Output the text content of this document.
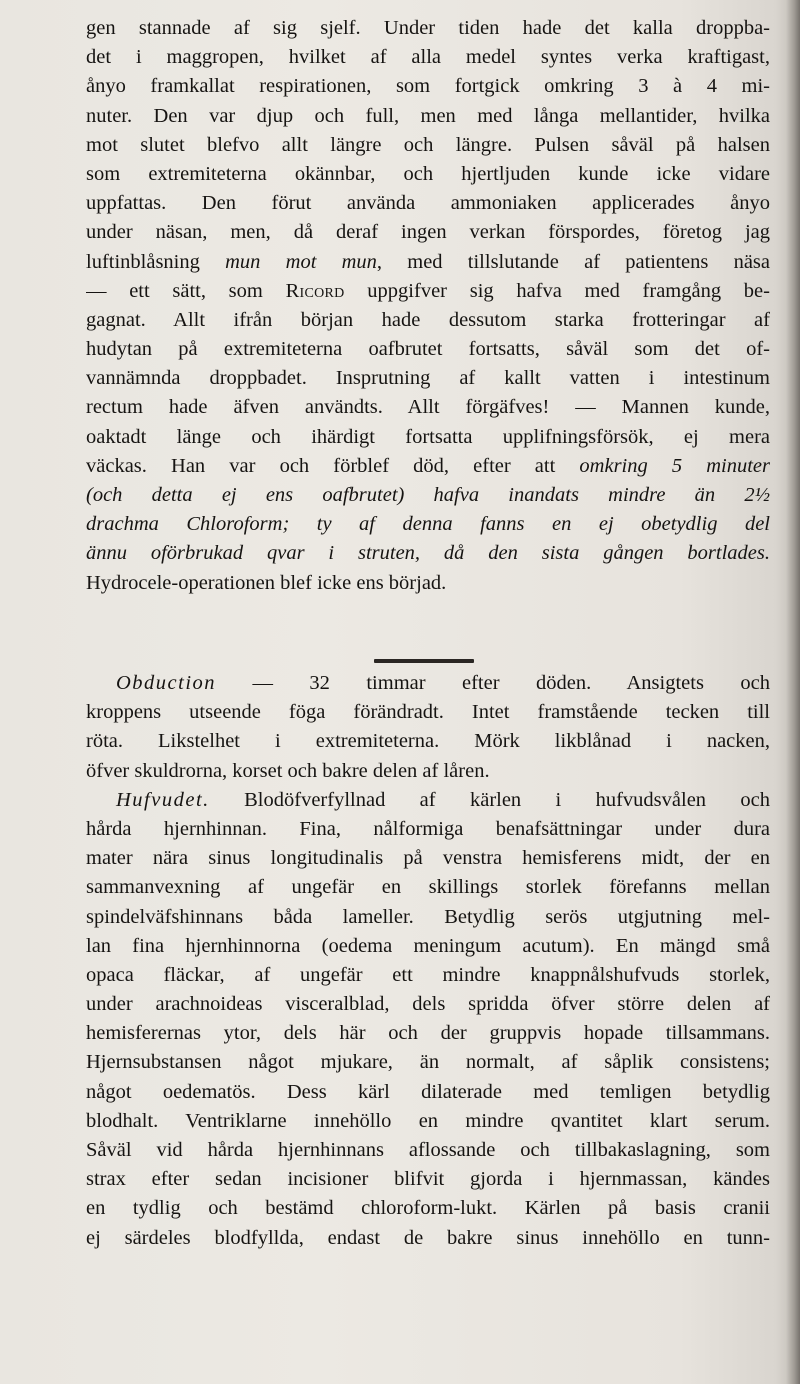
gen stannade af sig sjelf. Under tiden hade det kalla droppba-
det i maggropen, hvilket af alla medel syntes verka kraftigast,
ånyo framkallat respirationen, som fortgick omkring 3 à 4 mi-
nuter. Den var djup och full, men med långa mellantider, hvilka
mot slutet blefvo allt längre och längre. Pulsen såväl på halsen
som extremiteterna okännbar, och hjertljuden kunde icke vidare
uppfattas. Den förut använda ammoniaken applicerades ånyo
under näsan, men, då deraf ingen verkan förspordes, företog jag
luftinblåsning mun mot mun, med tillslutande af patientens näsa
— ett sätt, som Ricord uppgifver sig hafva med framgång be-
gagnat. Allt ifrån början hade dessutom starka frotteringar af
hudytan på extremiteterna oafbrutet fortsatts, såväl som det of-
vannämnda droppbadet. Insprutning af kallt vatten i intestinum
rectum hade äfven användts. Allt förgäfves! — Mannen kunde,
oaktadt länge och ihärdigt fortsatta upplifningsförsök, ej mera
väckas. Han var och förblef död, efter att omkring 5 minuter
(och detta ej ens oafbrutet) hafva inandats mindre än 2½
drachma Chloroform; ty af denna fanns en ej obetydlig del
ännu oförbrukad qvar i struten, då den sista gången bortlades.
Hydrocele-operationen blef icke ens börjad.
Obduction — 32 timmar efter döden. Ansigtets och
kroppens utseende föga förändradt. Intet framstående tecken till
röta. Likstelhet i extremiteterna. Mörk likblånad i nacken,
öfver skuldrorna, korset och bakre delen af låren.
Hufvudet. Blodöfverfyllnad af kärlen i hufvudsvålen och
hårda hjernhinnan. Fina, nålformiga benafsättningar under dura
mater nära sinus longitudinalis på venstra hemisferens midt, der en
sammanvexning af ungefär en skillings storlek förefanns mellan
spindelväfshinnans båda lameller. Betydlig serös utgjutning mel-
lan fina hjernhinnorna (oedema meningum acutum). En mängd små
opaca fläckar, af ungefär ett mindre knappnålshufvuds storlek,
under arachnoideas visceralblad, dels spridda öfver större delen af
hemisferernas ytor, dels här och der gruppvis hopade tillsammans.
Hjernsubstansen något mjukare, än normalt, af såplik consistens;
något oedematös. Dess kärl dilaterade med temligen betydlig
blodhalt. Ventriklarne innehöllo en mindre qvantitet klart serum.
Såväl vid hårda hjernhinnans aflossande och tillbakaslagning, som
strax efter sedan incisioner blifvit gjorda i hjernmassan, kändes
en tydlig och bestämd chloroform-lukt. Kärlen på basis cranii
ej särdeles blodfyllda, endast de bakre sinus innehöllo en tunn-
